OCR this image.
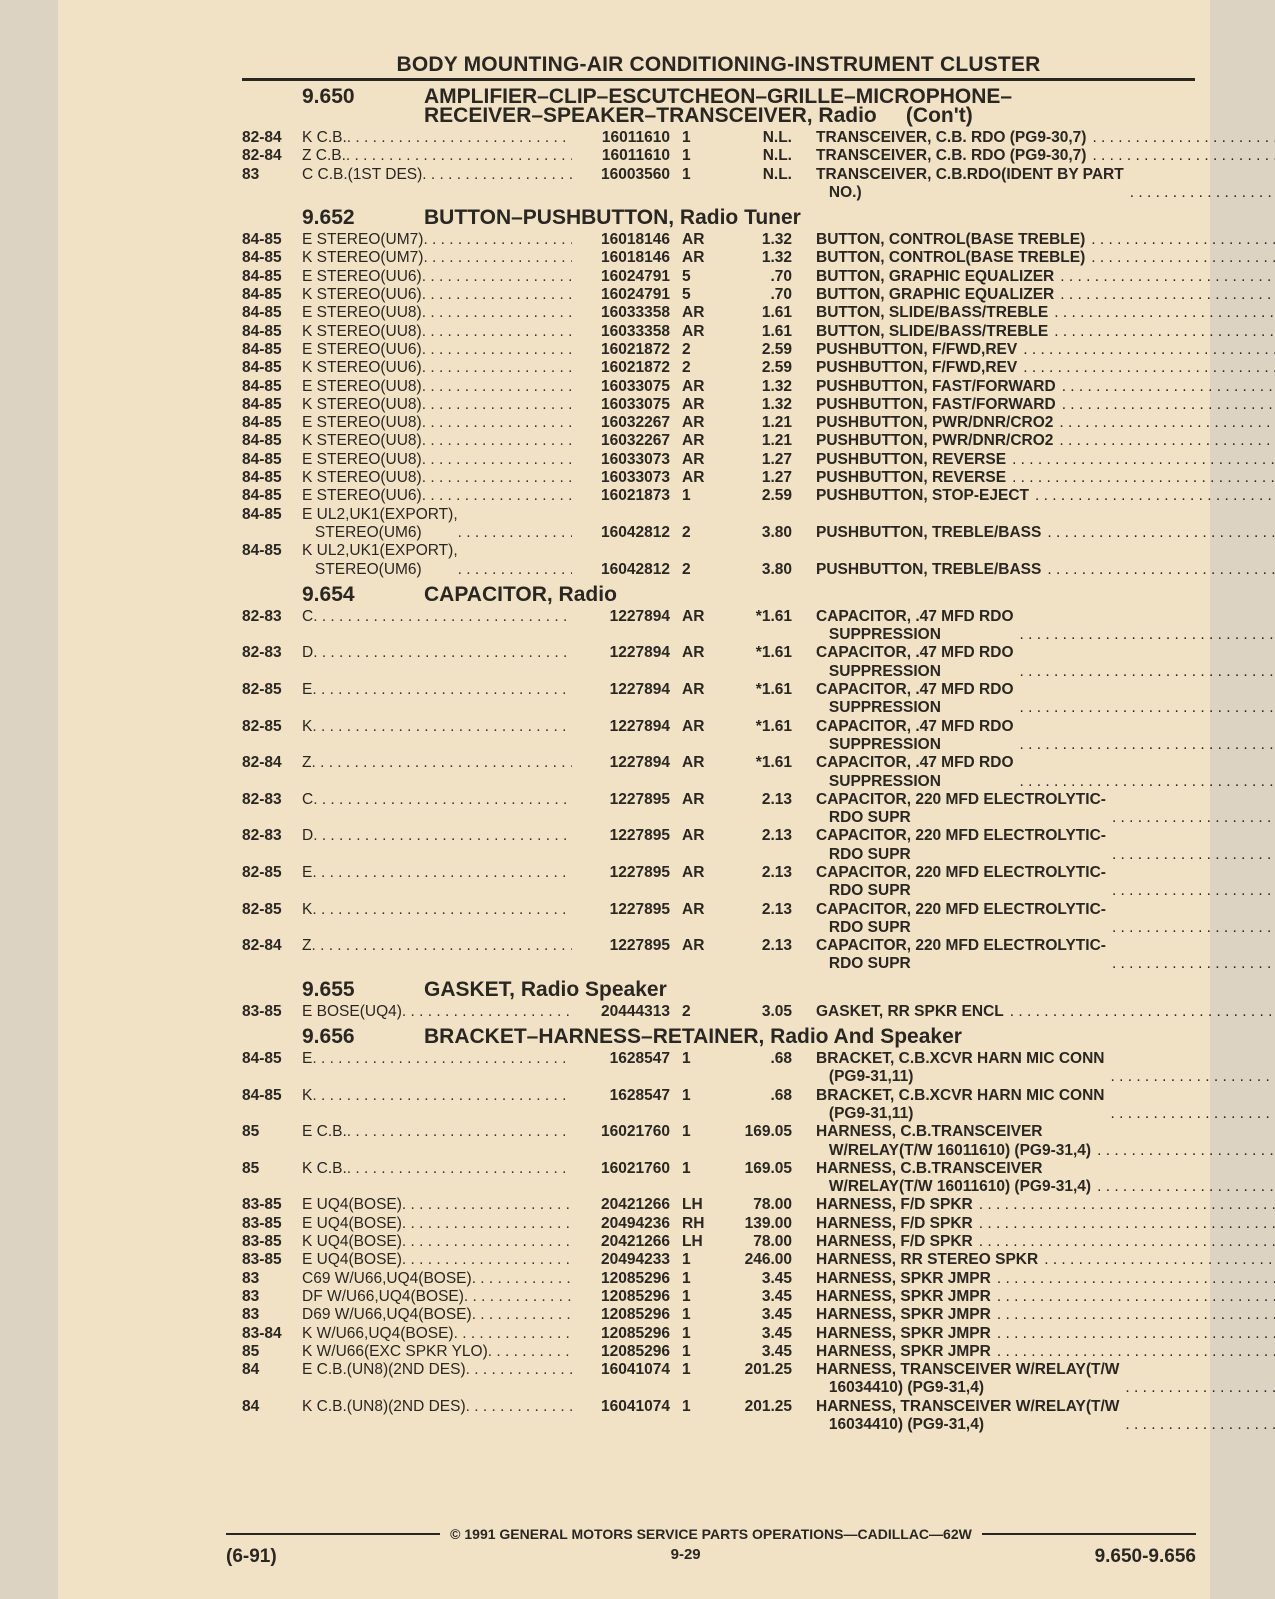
BODY MOUNTING-AIR CONDITIONING-INSTRUMENT CLUSTER
9.650	AMPLIFIER–CLIP–ESCUTCHEON–GRILLE–MICROPHONE–
RECEIVER–SPEAKER–TRANSCEIVER, Radio     (Con't)
82-84	K C.B. . . .	16011610 1	N.L. TRANSCEIVER, C.B. RDO (PG9-30,7)
. . .
82-84	Z C.B. . . .	16011610 1	N.L. TRANSCEIVER, C.B. RDO (PG9-30,7)
. . .
83	C C.B.(1ST DES) . . .	16003560 1	N.L. TRANSCEIVER, C.B.RDO(IDENT BY PART
NO.)
. . .
9.652	BUTTON–PUSHBUTTON, Radio Tuner
84-85	E STEREO(UM7) . . .	16018146 AR	1.32 BUTTON, CONTROL(BASE TREBLE)
. . .
84-85	K STEREO(UM7) . . .	16018146 AR	1.32 BUTTON, CONTROL(BASE TREBLE)
. . .
84-85	E STEREO(UU6) . . .	16024791 5	.70 BUTTON, GRAPHIC EQUALIZER
. . .
84-85	K STEREO(UU6) . . .	16024791 5	.70 BUTTON, GRAPHIC EQUALIZER
. . .
84-85	E STEREO(UU8) . . .	16033358 AR	1.61 BUTTON, SLIDE/BASS/TREBLE
. . .
84-85	K STEREO(UU8) . . .	16033358 AR	1.61 BUTTON, SLIDE/BASS/TREBLE
. . .
84-85	E STEREO(UU6) . . .	16021872 2	2.59 PUSHBUTTON, F/FWD,REV
. . .
84-85	K STEREO(UU6) . . .	16021872 2	2.59 PUSHBUTTON, F/FWD,REV
. . .
84-85	E STEREO(UU8) . . .	16033075 AR	1.32 PUSHBUTTON, FAST/FORWARD
. . .
84-85	K STEREO(UU8) . . .	16033075 AR	1.32 PUSHBUTTON, FAST/FORWARD
. . .
84-85	E STEREO(UU8) . . .	16032267 AR	1.21 PUSHBUTTON, PWR/DNR/CRO2
. . .
84-85	K STEREO(UU8) . . .	16032267 AR	1.21 PUSHBUTTON, PWR/DNR/CRO2
. . .
84-85	E STEREO(UU8) . . .	16033073 AR	1.27 PUSHBUTTON, REVERSE
. . .
84-85	K STEREO(UU8) . . .	16033073 AR	1.27 PUSHBUTTON, REVERSE
. . .
84-85	E STEREO(UU6) . . .	16021873 1	2.59 PUSHBUTTON, STOP-EJECT
. . .
84-85	E UL2,UK1(EXPORT),
STEREO(UM6) . . .	16042812 2	3.80 PUSHBUTTON, TREBLE/BASS
. . .
84-85	K UL2,UK1(EXPORT),
STEREO(UM6) . . .	16042812 2	3.80 PUSHBUTTON, TREBLE/BASS
. . .
9.654	CAPACITOR, Radio
82-83	C . . .	1227894 AR	*1.61 CAPACITOR, .47 MFD RDO
SUPPRESSION
. . .
82-83	D . . .	1227894 AR	*1.61 CAPACITOR, .47 MFD RDO
SUPPRESSION
. . .
82-85	E . . .	1227894 AR	*1.61 CAPACITOR, .47 MFD RDO
SUPPRESSION
. . .
82-85	K . . .	1227894 AR	*1.61 CAPACITOR, .47 MFD RDO
SUPPRESSION
. . .
82-84	Z . . .	1227894 AR	*1.61 CAPACITOR, .47 MFD RDO
SUPPRESSION
. . .
82-83	C . . .	1227895 AR	2.13 CAPACITOR, 220 MFD ELECTROLYTIC-
RDO SUPR
. . .
82-83	D . . .	1227895 AR	2.13 CAPACITOR, 220 MFD ELECTROLYTIC-
RDO SUPR
. . .
82-85	E . . .	1227895 AR	2.13 CAPACITOR, 220 MFD ELECTROLYTIC-
RDO SUPR
. . .
82-85	K . . .	1227895 AR	2.13 CAPACITOR, 220 MFD ELECTROLYTIC-
RDO SUPR
. . .
82-84	Z . . .	1227895 AR	2.13 CAPACITOR, 220 MFD ELECTROLYTIC-
RDO SUPR
. . .
9.655	GASKET, Radio Speaker
83-85	E BOSE(UQ4) . . .	20444313 2	3.05 GASKET, RR SPKR ENCL
. . .
9.656	BRACKET–HARNESS–RETAINER, Radio And Speaker
84-85	E . . .	1628547 1	.68 BRACKET, C.B.XCVR HARN MIC CONN
(PG9-31,11)
. . .
84-85	K . . .	1628547 1	.68 BRACKET, C.B.XCVR HARN MIC CONN
(PG9-31,11)
. . .
85	E C.B. . . .	16021760 1	169.05 HARNESS, C.B.TRANSCEIVER
W/RELAY(T/W 16011610) (PG9-31,4)
. . .
85	K C.B. . . .	16021760 1	169.05 HARNESS, C.B.TRANSCEIVER
W/RELAY(T/W 16011610) (PG9-31,4)
. . .
83-85	E UQ4(BOSE) . . .	20421266 LH	78.00 HARNESS, F/D SPKR
. . .
83-85	E UQ4(BOSE) . . .	20494236 RH	139.00 HARNESS, F/D SPKR
. . .
83-85	K UQ4(BOSE) . . .	20421266 LH	78.00 HARNESS, F/D SPKR
. . .
83-85	E UQ4(BOSE) . . .	20494233 1	246.00 HARNESS, RR STEREO SPKR
. . .
83	C69 W/U66,UQ4(BOSE) . . .	12085296 1	3.45 HARNESS, SPKR JMPR
. . .
83	DF W/U66,UQ4(BOSE) . . .	12085296 1	3.45 HARNESS, SPKR JMPR
. . .
83	D69 W/U66,UQ4(BOSE) . . .	12085296 1	3.45 HARNESS, SPKR JMPR
. . .
83-84	K W/U66,UQ4(BOSE) . . .	12085296 1	3.45 HARNESS, SPKR JMPR
. . .
85	K W/U66(EXC SPKR YLO) . . .	12085296 1	3.45 HARNESS, SPKR JMPR
. . .
84	E C.B.(UN8)(2ND DES) . . .	16041074 1	201.25 HARNESS, TRANSCEIVER W/RELAY(T/W
16034410) (PG9-31,4)
. . .
84	K C.B.(UN8)(2ND DES) . . .	16041074 1	201.25 HARNESS, TRANSCEIVER W/RELAY(T/W
16034410) (PG9-31,4)
. . .
© 1991 GENERAL MOTORS SERVICE PARTS OPERATIONS—CADILLAC—62W
(6-91)	9-29	9.650-9.656
